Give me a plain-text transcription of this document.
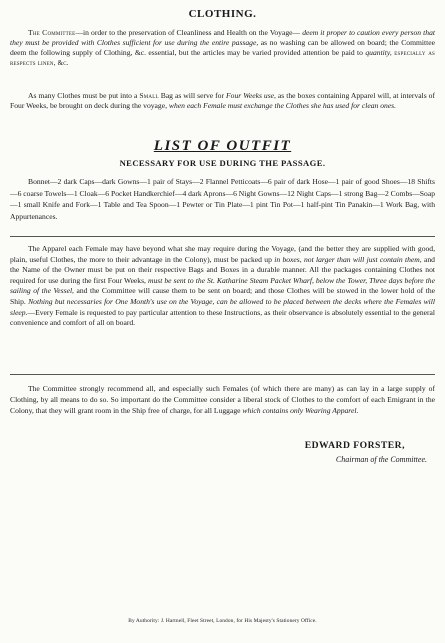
CLOTHING.

The Committee—in order to the preservation of Cleanliness and Health on the Voyage— deem it proper to caution every person that they must be provided with Clothes sufficient for use during the entire passage, as no washing can be allowed on board; the Committee deem the following supply of Clothing, &c. essential, but the articles may be varied provided attention be paid to quantity, especially as respects linen, &c.

As many Clothes must be put into a Small Bag as will serve for Four Weeks use, as the boxes containing Apparel will, at intervals of Four Weeks, be brought on deck during the voyage, when each Female must exchange the Clothes she has used for clean ones.

LIST OF OUTFIT
NECESSARY FOR USE DURING THE PASSAGE.

Bonnet—2 dark Caps—dark Gowns—1 pair of Stays—2 Flannel Petticoats—6 pair of dark Hose—1 pair of good Shoes—18 Shifts—6 coarse Towels—1 Cloak—6 Pocket Handkerchief—4 dark Aprons—6 Night Gowns—12 Night Caps—1 strong Bag—2 Combs—Soap—1 small Knife and Fork—1 Table and Tea Spoon—1 Pewter or Tin Plate—1 pint Tin Pot—1 half-pint Tin Panakin—1 Work Bag, with Appurtenances.

The Apparel each Female may have beyond what she may require during the Voyage, (and the better they are supplied with good, plain, useful Clothes, the more to their advantage in the Colony), must be packed up in boxes, not larger than will just contain them, and the Name of the Owner must be put on their respective Bags and Boxes in a durable manner. All the packages containing Clothes not required for use during the first Four Weeks, must be sent to the St. Katharine Steam Packet Wharf, below the Tower, Three days before the sailing of the Vessel, and the Committee will cause them to be sent on board; and those Clothes will be stowed in the lower hold of the Ship. Nothing but necessaries for One Month's use on the Voyage, can be allowed to be placed between the decks where the Females will sleep.—Every Female is requested to pay particular attention to these Instructions, as their observance is absolutely essential to the general convenience and comfort of all on board.

The Committee strongly recommend all, and especially such Females (of which there are many) as can lay in a large supply of Clothing, by all means to do so. So important do the Committee consider a liberal stock of Clothes to the comfort of each Emigrant in the Colony, that they will grant room in the Ship free of charge, for all Luggage which contains only Wearing Apparel.

EDWARD FORSTER,
Chairman of the Committee.
By Authority: J. Hartnell, Fleet Street, London, for His Majesty's Stationery Office.
